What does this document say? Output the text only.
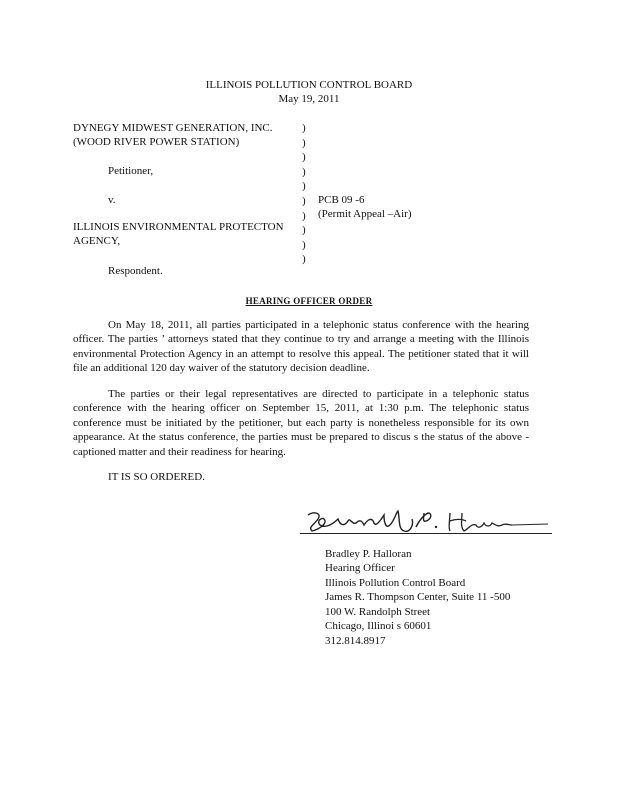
ILLINOIS POLLUTION CONTROL BOARD
May 19, 2011
DYNEGY MIDWEST GENERATION, INC.
(WOOD RIVER POWER STATION)
Petitioner,
v.
ILLINOIS ENVIRONMENTAL PROTECTON
AGENCY,
Respondent.
)
)
)
)
)
)
)
)
)
)
PCB 09 -6
(Permit Appeal –Air)
HEARING OFFICER ORDER
On May 18, 2011, all parties participated in a telephonic status conference with the hearing officer. The parties ’ attorneys stated that they continue to try and arrange a meeting with the Illinois environmental Protection Agency in an attempt to resolve this appeal. The petitioner stated that it will file an additional 120 day waiver of the statutory decision deadline.
The parties or their legal representatives are directed to participate in a telephonic status conference with the hearing officer on September 15, 2011, at 1:30 p.m. The telephonic status conference must be initiated by the petitioner, but each party is nonetheless responsible for its own appearance. At the status conference, the parties must be prepared to discus s the status of the above -captioned matter and their readiness for hearing.
IT IS SO ORDERED.
Bradley P. Halloran
Hearing Officer
Illinois Pollution Control Board
James R. Thompson Center, Suite 11 -500
100 W. Randolph Street
Chicago, Illinoi s 60601
312.814.8917
